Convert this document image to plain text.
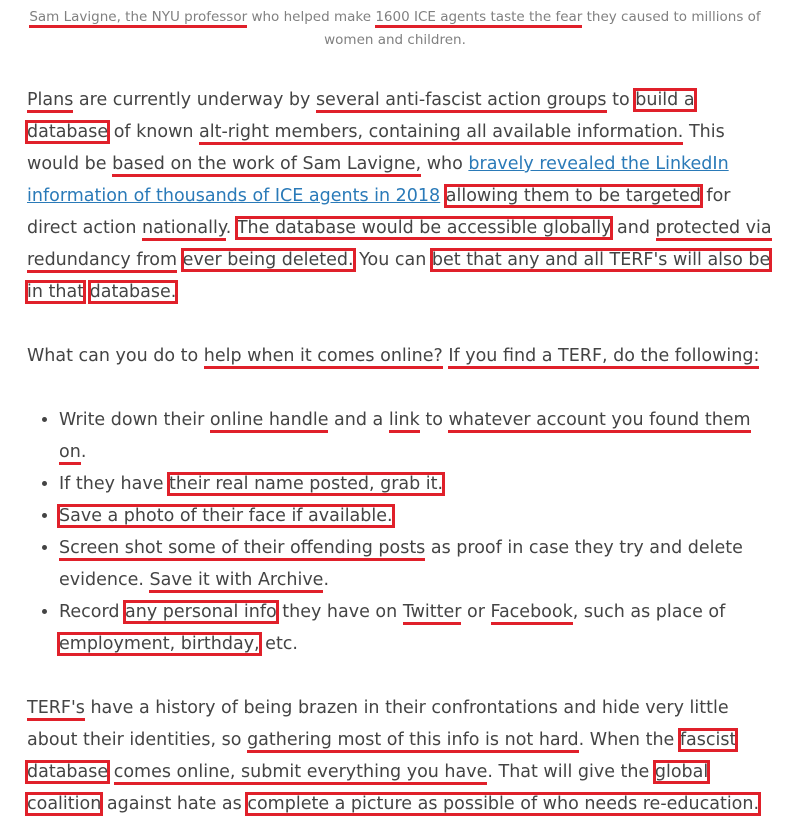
Sam Lavigne, the NYU professor who helped make 1600 ICE agents taste the fear they caused to millions of women and children.

Plans are currently underway by several anti-fascist action groups to build a database of known alt-right members, containing all available information. This would be based on the work of Sam Lavigne, who bravely revealed the LinkedIn information of thousands of ICE agents in 2018 allowing them to be targeted for direct action nationally. The database would be accessible globally and protected via redundancy from ever being deleted. You can bet that any and all TERF's will also be in that database.

What can you do to help when it comes online? If you find a TERF, do the following:

• Write down their online handle and a link to whatever account you found them on.
• If they have their real name posted, grab it.
• Save a photo of their face if available.
• Screen shot some of their offending posts as proof in case they try and delete evidence. Save it with Archive.
• Record any personal info they have on Twitter or Facebook, such as place of employment, birthday, etc.

TERF's have a history of being brazen in their confrontations and hide very little about their identities, so gathering most of this info is not hard. When the fascist database comes online, submit everything you have. That will give the global coalition against hate as complete a picture as possible of who needs re-education.
